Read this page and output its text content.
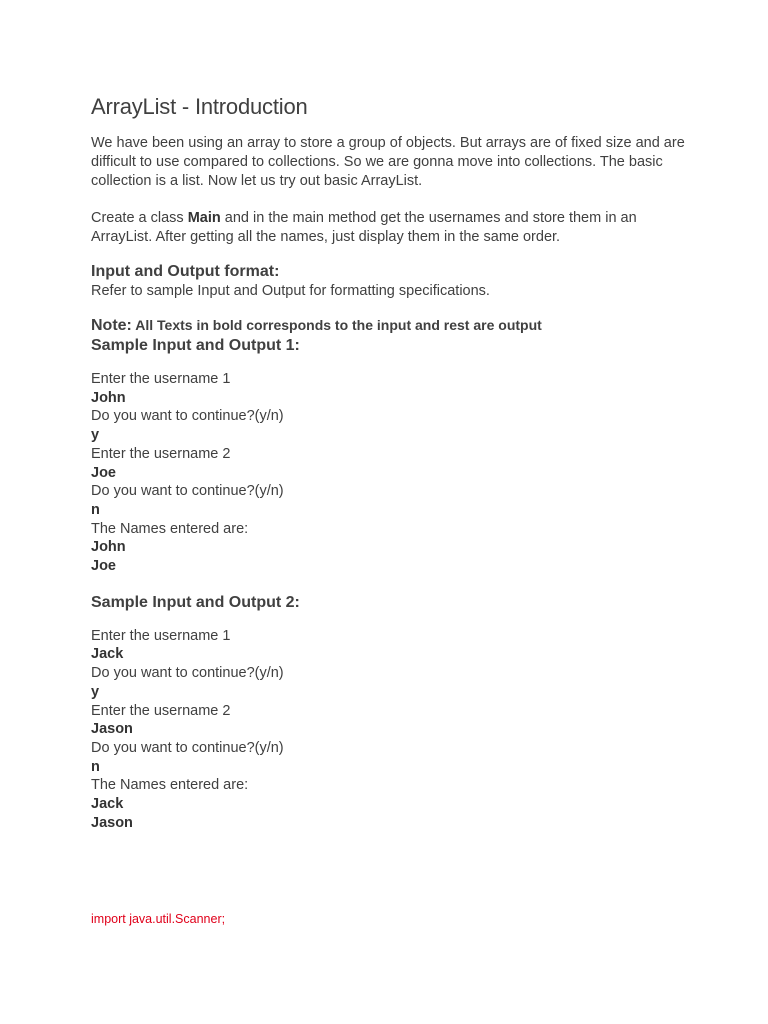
ArrayList - Introduction

We have been using an array to store a group of objects. But arrays are of fixed size and are difficult to use compared to collections. So we are gonna move into collections. The basic collection is a list. Now let us try out basic ArrayList.

Create a class Main and in the main method get the usernames and store them in an ArrayList. After getting all the names, just display them in the same order.

Input and Output format:

Refer to sample Input and Output for formatting specifications.

Note: All Texts in bold corresponds to the input and rest are output

Sample Input and Output 1:

Enter the username 1
John
Do you want to continue?(y/n)
y
Enter the username 2
Joe
Do you want to continue?(y/n)
n
The Names entered are:
John
Joe

Sample Input and Output 2:

Enter the username 1
Jack
Do you want to continue?(y/n)
y
Enter the username 2
Jason
Do you want to continue?(y/n)
n
The Names entered are:
Jack
Jason

import java.util.Scanner;
